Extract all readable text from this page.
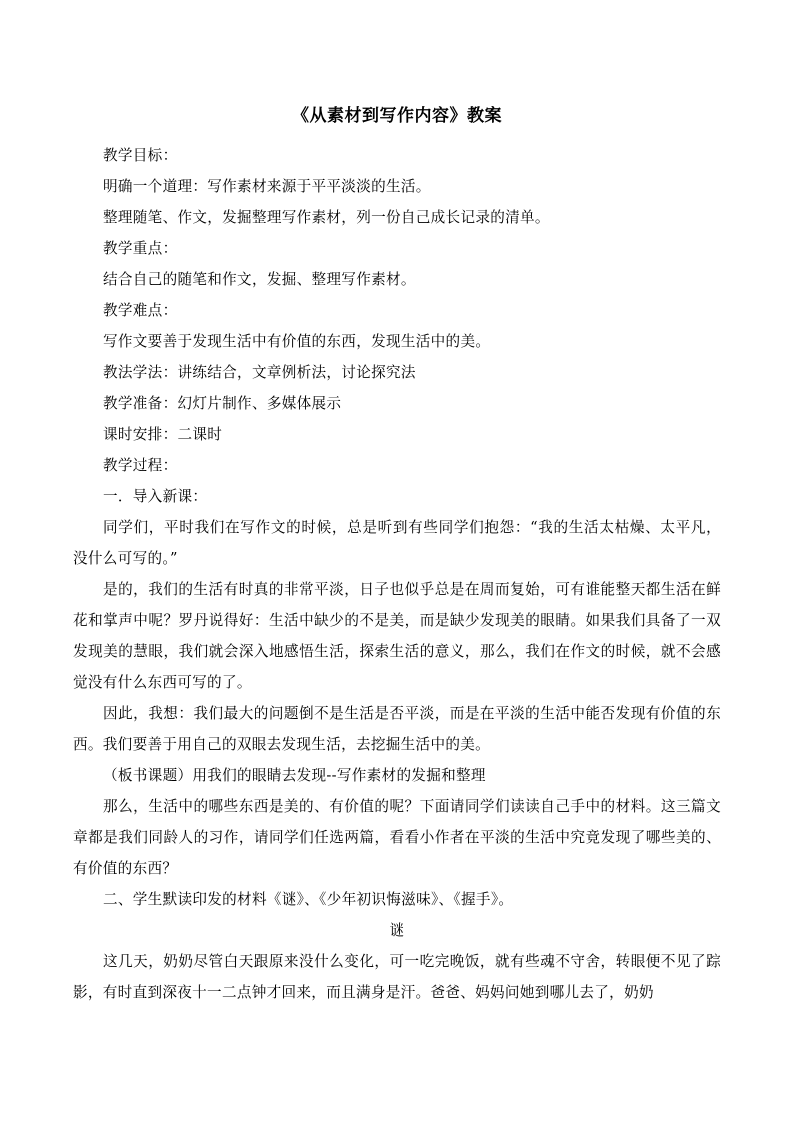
《从素材到写作内容》教案

教学目标：

明确一个道理：写作素材来源于平平淡淡的生活。

整理随笔、作文，发掘整理写作素材，列一份自己成长记录的清单。

教学重点：

结合自己的随笔和作文，发掘、整理写作素材。

教学难点：

写作文要善于发现生活中有价值的东西，发现生活中的美。

教法学法：讲练结合，文章例析法，讨论探究法

教学准备：幻灯片制作、多媒体展示

课时安排：二课时

教学过程：

一．导入新课：

同学们，平时我们在写作文的时候，总是听到有些同学们抱怨：“我的生活太枯燥、太平凡，没什么可写的。”

是的，我们的生活有时真的非常平淡，日子也似乎总是在周而复始，可有谁能整天都生活在鲜花和掌声中呢？罗丹说得好：生活中缺少的不是美，而是缺少发现美的眼睛。如果我们具备了一双发现美的慧眼，我们就会深入地感悟生活，探索生活的意义，那么，我们在作文的时候，就不会感觉没有什么东西可写的了。

因此，我想：我们最大的问题倒不是生活是否平淡，而是在平淡的生活中能否发现有价值的东西。我们要善于用自己的双眼去发现生活，去挖掘生活中的美。

（板书课题）用我们的眼睛去发现--写作素材的发掘和整理

那么，生活中的哪些东西是美的、有价值的呢？下面请同学们读读自己手中的材料。这三篇文章都是我们同龄人的习作，请同学们任选两篇，看看小作者在平淡的生活中究竟发现了哪些美的、有价值的东西？

二、学生默读印发的材料《谜》、《少年初识悔滋味》、《握手》。

谜

这几天，奶奶尽管白天跟原来没什么变化，可一吃完晚饭，就有些魂不守舍，转眼便不见了踪影，有时直到深夜十一二点钟才回来，而且满身是汗。爸爸、妈妈问她到哪儿去了，奶奶
